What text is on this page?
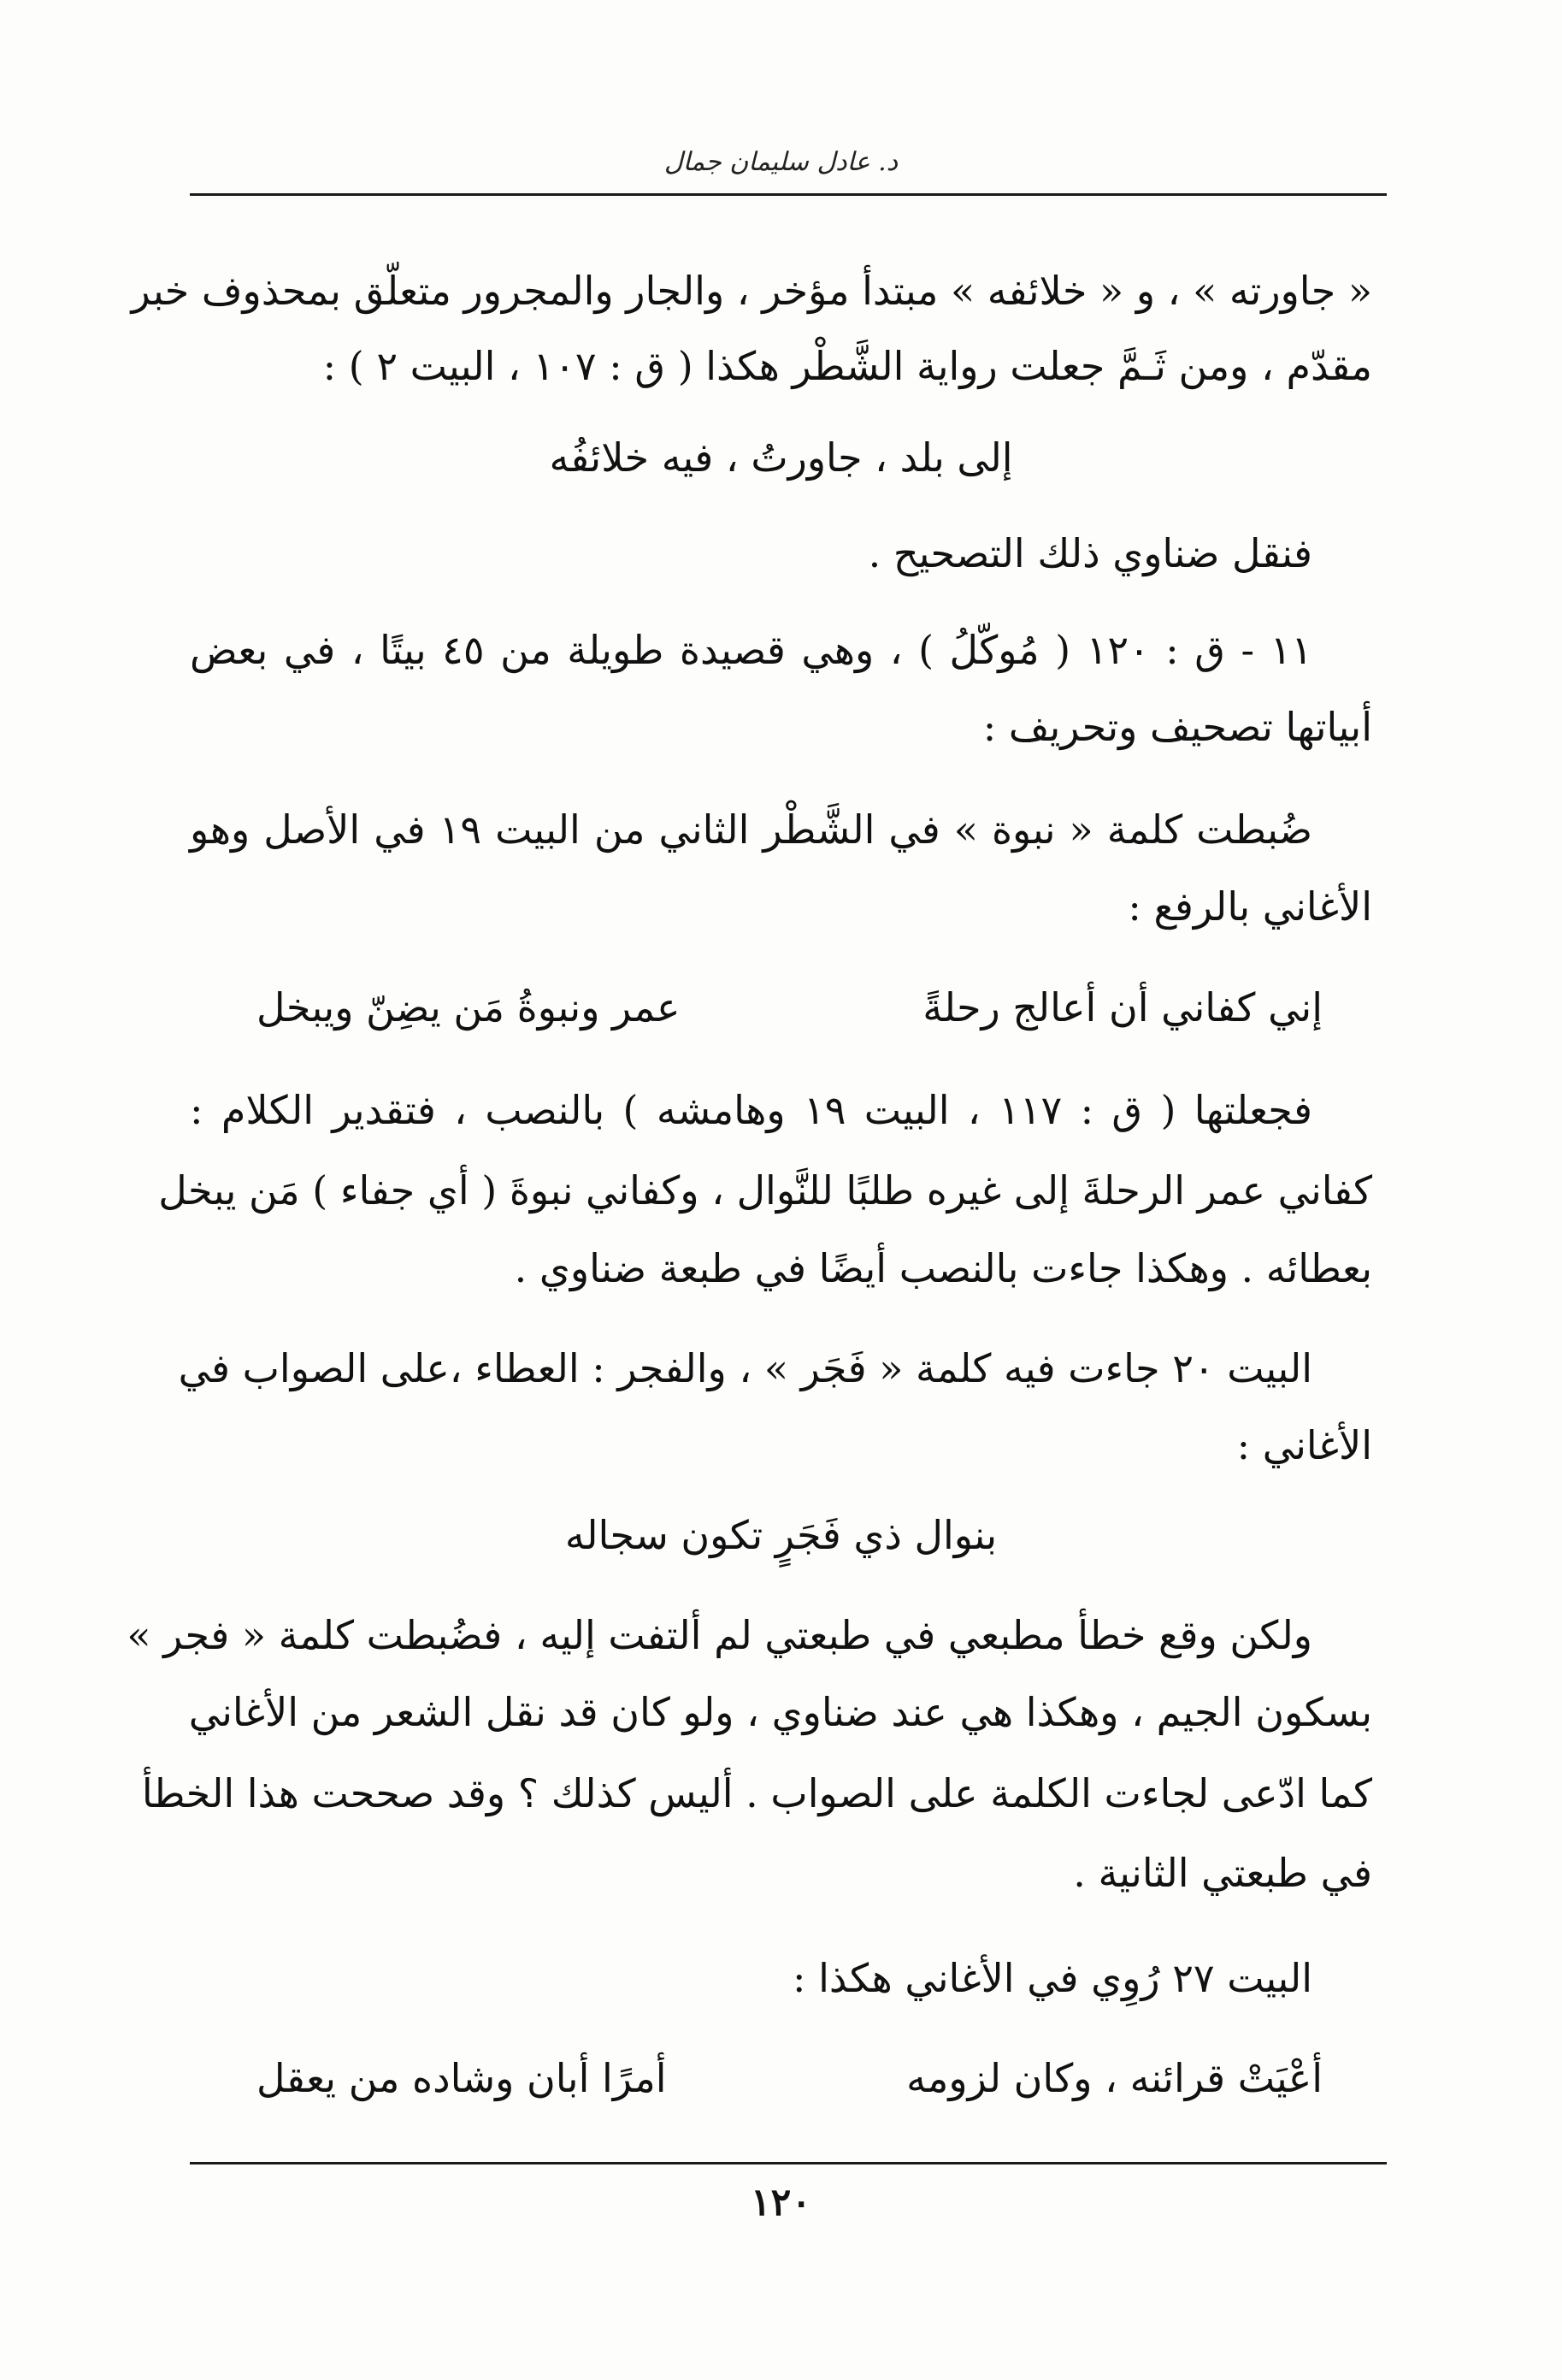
د. عادل سليمان جمال
« جاورته » ، و « خلائفه » مبتدأ مؤخر ، والجار والمجرور متعلّق بمحذوف خبر
مقدّم ، ومن ثَـمَّ جعلت رواية الشَّطْر هكذا ( ق : ١٠٧ ، البيت ٢ ) :
إلى بلد ، جاورتُ ، فيه خلائفُه
فنقل ضناوي ذلك التصحيح .
١١ - ق : ١٢٠ ( مُوكّلُ ) ، وهي قصيدة طويلة من ٤٥ بيتًا ، في بعض
أبياتها تصحيف وتحريف :
ضُبطت كلمة « نبوة » في الشَّطْر الثاني من البيت ١٩ في الأصل وهو
الأغاني بالرفع :
إني كفاني أن أعالج رحلةً
عمر ونبوةُ مَن يضِنّ ويبخل
فجعلتها ( ق : ١١٧ ، البيت ١٩ وهامشه ) بالنصب ، فتقدير الكلام :
كفاني عمر الرحلةَ إلى غيره طلبًا للنَّوال ، وكفاني نبوةَ ( أي جفاء ) مَن يبخل
بعطائه . وهكذا جاءت بالنصب أيضًا في طبعة ضناوي .
البيت ٢٠ جاءت فيه كلمة « فَجَر » ، والفجر : العطاء ،على الصواب في
الأغاني :
بنوال ذي فَجَرٍ تكون سجاله
ولكن وقع خطأ مطبعي في طبعتي لم ألتفت إليه ، فضُبطت كلمة « فجر »
بسكون الجيم ، وهكذا هي عند ضناوي ، ولو كان قد نقل الشعر من الأغاني
كما ادّعى لجاءت الكلمة على الصواب . أليس كذلك ؟ وقد صححت هذا الخطأ
في طبعتي الثانية .
البيت ٢٧ رُوِي في الأغاني هكذا :
أعْيَتْ قرائنه ، وكان لزومه
أمرًا أبان وشاده من يعقل
١٢٠
